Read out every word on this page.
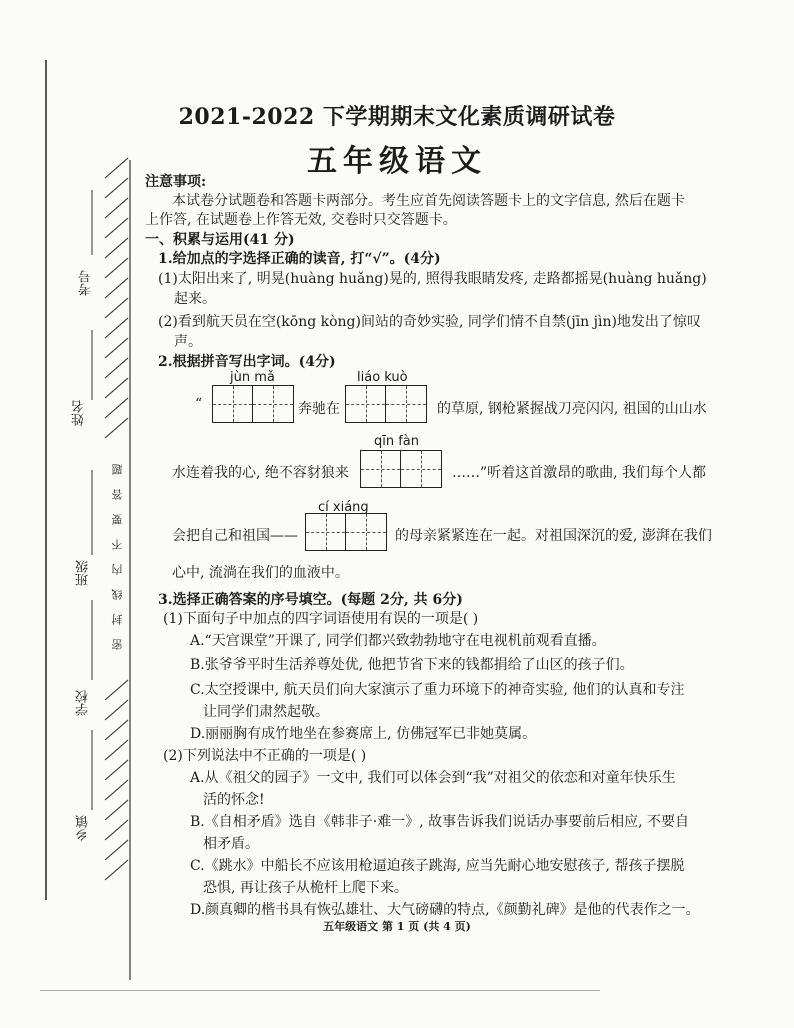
考号
姓名
班级
学校
乡镇
密封线内不要答题
2021-2022 下学期期末文化素质调研试卷
五年级语文
注意事项:
本试卷分试题卷和答题卡两部分。考生应首先阅读答题卡上的文字信息, 然后在题卡
上作答, 在试题卷上作答无效, 交卷时只交答题卡。
一、积累与运用(41 分)
1.给加点的字选择正确的读音, 打“√”。(4分)
(1)太阳出来了, 明晃(huàng huǎng)晃的, 照得我眼睛发疼, 走路都摇晃(huàng huǎng)
起来。
(2)看到航天员在空(kōng kòng)间站的奇妙实验, 同学们情不自禁(jīn jìn)地发出了惊叹
声。
2.根据拼音写出字词。(4分)
jùn mǎ
“	奔驰在
liáo kuò
的草原, 钢枪紧握战刀亮闪闪, 祖国的山山水
qīn fàn
水连着我的心, 绝不容豺狼来	……”听着这首激昂的歌曲, 我们每个人都
cí xiáng
会把自己和祖国——	的母亲紧紧连在一起。对祖国深沉的爱, 澎湃在我们
心中, 流淌在我们的血液中。
3.选择正确答案的序号填空。(每题 2分, 共 6分)
(1)下面句子中加点的四字词语使用有误的一项是( )
A.“天宫课堂”开课了, 同学们都兴致勃勃地守在电视机前观看直播。
B.张爷爷平时生活养尊处优, 他把节省下来的钱都捐给了山区的孩子们。
C.太空授课中, 航天员们向大家演示了重力环境下的神奇实验, 他们的认真和专注
让同学们肃然起敬。
D.丽丽胸有成竹地坐在参赛席上, 仿佛冠军已非她莫属。
(2)下列说法中不正确的一项是( )
A.从《祖父的园子》一文中, 我们可以体会到“我”对祖父的依恋和对童年快乐生
活的怀念!
B.《自相矛盾》选自《韩非子·难一》, 故事告诉我们说话办事要前后相应, 不要自
相矛盾。
C.《跳水》中船长不应该用枪逼迫孩子跳海, 应当先耐心地安慰孩子, 帮孩子摆脱
恐惧, 再让孩子从桅杆上爬下来。
D.颜真卿的楷书具有恢弘雄壮、大气磅礴的特点,《颜勤礼碑》是他的代表作之一。
五年级语文 第 1 页 (共 4 页)
